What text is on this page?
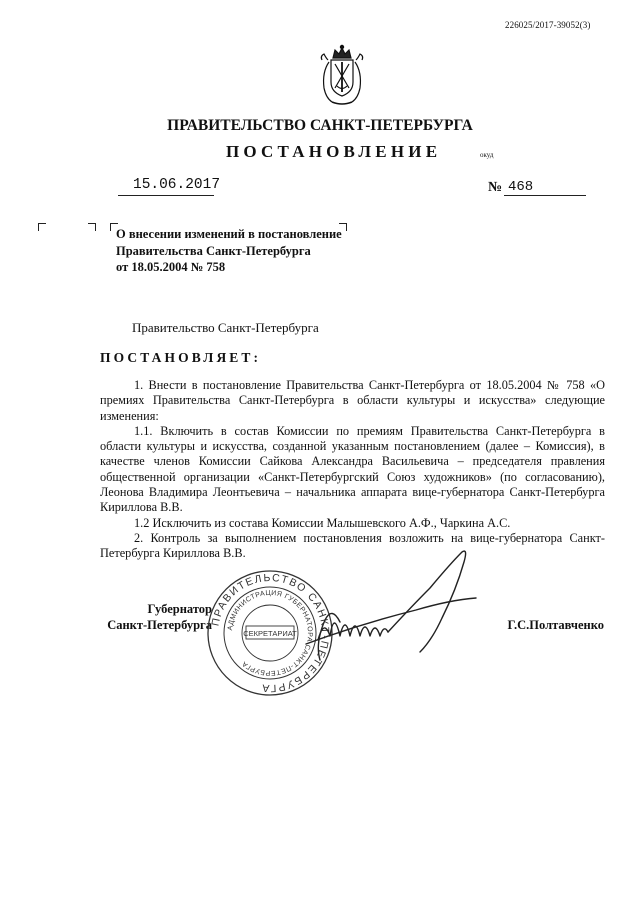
226025/2017-39052(3)
ПРАВИТЕЛЬСТВО САНКТ-ПЕТЕРБУРГА
ПОСТАНОВЛЕНИЕ	окуд
15.06.2017	№ 468
О внесении изменений в постановление
Правительства Санкт-Петербурга
от 18.05.2004 № 758
Правительство Санкт-Петербурга
ПОСТАНОВЛЯЕТ:

1. Внести в постановление Правительства Санкт-Петербурга от 18.05.2004 № 758 «О премиях Правительства Санкт-Петербурга в области культуры и искусства» следующие изменения:

1.1. Включить в состав Комиссии по премиям Правительства Санкт-Петербурга в области культуры и искусства, созданной указанным постановлением (далее – Комиссия), в качестве членов Комиссии Сайкова Александра Васильевича – председателя правления общественной организации «Санкт-Петербургский Союз художников» (по согласованию), Леонова Владимира Леонтьевича – начальника аппарата вице-губернатора Санкт-Петербурга Кириллова В.В.

1.2 Исключить из состава Комиссии Малышевского А.Ф., Чаркина А.С.

2. Контроль за выполнением постановления возложить на вице-губернатора Санкт-Петербурга Кириллова В.В.

Губернатор
Санкт-Петербурга
ПРАВИТЕЛЬСТВО САНКТ-ПЕТЕРБУРГА
АДМИНИСТРАЦИЯ ГУБЕРНАТОРА САНКТ-ПЕТЕРБУРГА
СЕКРЕТАРИАТ
Г.С.Полтавченко
